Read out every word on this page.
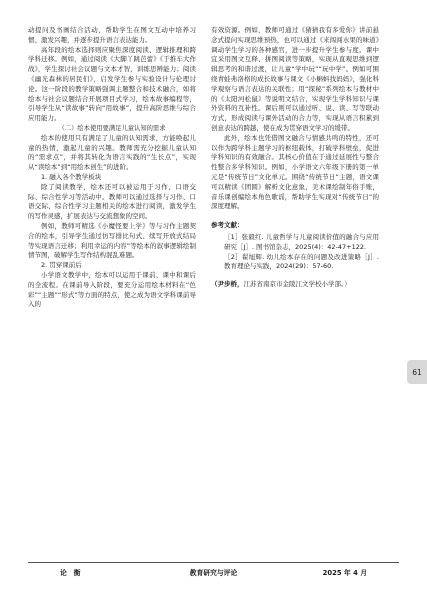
动提问及书画结合活动，帮助学生在图文互动中培养习惯、激发兴趣，并逐步提升语言表达能力。

高年段的绘本选择则应聚焦深度阅读、逻辑推理和跨学科迁移。例如，通过阅读《大脚丫跳芭蕾》《于推车大作战》，学生探讨社会议题与文本才智，训练思辨能力；阅读《幽光森林的居民们》，启发学生参与实验设计与伦理讨论。这一阶段的教学策略强调主题整合和技术融合，如将绘本与社会议题结合开展项目式学习，绘本故事编程等，引导学生从“读故事”转向“用故事”，提升高阶思维与综合应用能力。

（二）绘本使用要满足儿童认知的需求

绘本的使用只有满足了儿童的认知需求，方能唤起儿童的热情，激起儿童的兴趣。教师需充分挖掘儿童认知的“需求点”，并将其转化为语言实践的“生长点”，实现从“读绘本”到“用绘本创生”的进阶。

1. 融入各个教学板块

除了阅读教学，绘本还可以被运用于习作、口语交际、综合性学习等活动中。教师可以通过选择与习作、口语交际、综合性学习主题相关的绘本进行阅读，激发学生的写作灵感，扩展表达与交流想象的空间。

例如，教师可精选《小魔怪要上学》等与习作主题契合的绘本，引导学生通过仿写排比句式、续写开放式结局等实现语言迁移；利用幸运的内容”等绘本的叙事逻辑绘制情节图，破解学生写作结构混乱难题。

2. 贯穿课前后

小学语文教学中，绘本可以运用于课前、课中和课后的全流程。在课前导入阶段，要充分运用绘本材料在“色彩”“主题”“形式”等方面的特点，使之成为语文学科课前导入的

有效资源。例如，教师可通过《猜猜我有多爱你》讲前悬念式提问实现思维预热，也可以通过《来闯闯水果的味道》调动学生学习的各种感官，进一步提升学生参与度。课中宜采用图文互释、拼图阅读等策略，实现从直观思维到逻辑思考的和谐过渡，让儿童“学中玩”“玩中学”。例如可围绕青蛙弗洛格的成长故事与课文《小蝌蚪找妈妈》，强化科学观察与语言表达的关联性；用“探秘”系列绘本与教材中的《太阳河松鼠》等说明文结合，实现学生学科知识与课外资料的互补性。课后则可以通过听、说、读、写等联动方式，形成阅读与课外活动的合力等，实现从语言积累到创意表达的跨越，使在成为贯穿语文学习的缓带。

此外，绘本也凭借图文融合与情感共鸣的特性，还可以作为跨学科主题学习的枢纽载体，打破学科壁垒，促进学科知识的有效融合。其核心价值在于通过延展性与整合性整合多学科知识。例如，小学语文六年级下册的第一单元是“传统节日”文化单元。围绕“传统节日”主题，语文课可以精读《团圆》解析文化意象，美术课绘制年俗手账，音乐课创编绘本角色歌谣，帮助学生实现对“传统节日”的深度理解。

参考文献：

［1］张毅红. 儿童哲学与儿童阅读价值的融合与应用研究［J］. 图书馆杂志，2025(4)：42-47+122.

［2］翟旭辉. 幼儿绘本存在的问题及改进策略［J］. 教育理论与实践，2024(29)：57-60.

（尹步桥，江苏省南京市金陵江文学校小学部。）

61
论　衡	教育研究与评论	2025 年 4 月
